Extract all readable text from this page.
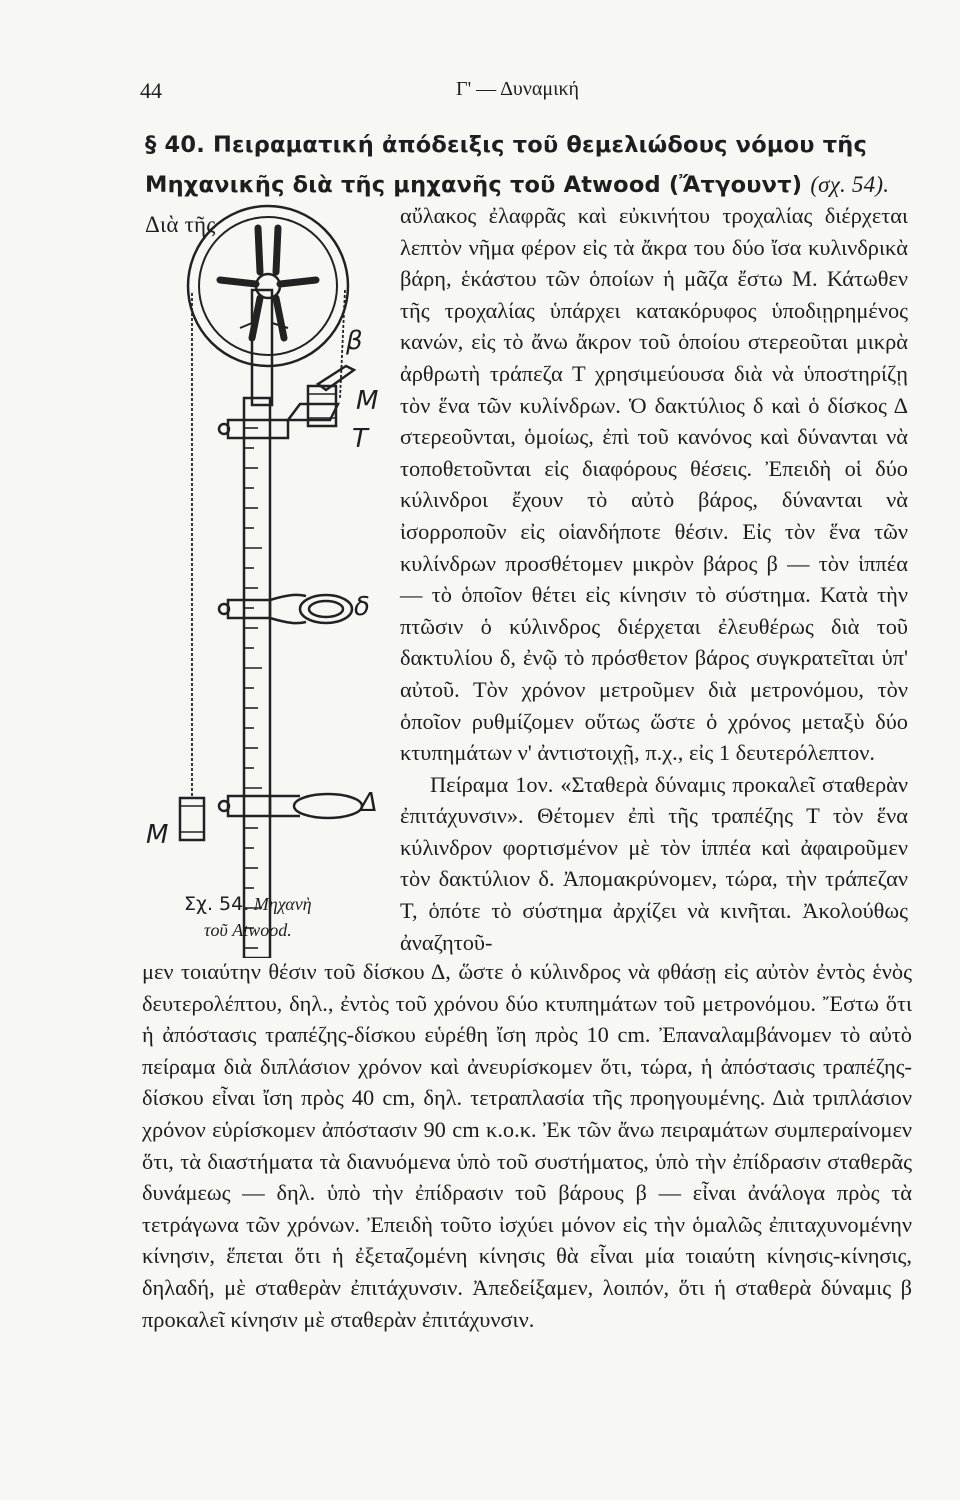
44	Γ' — Δυναμική
§ 40. Πειραματική ἀπόδειξις τοῦ θεμελιώδους νόμου τῆς Μηχανικῆς διὰ τῆς μηχανῆς τοῦ Atwood (Ἄτγουντ) (σχ. 54). Διὰ τῆς
β
Μ
Τ
δ
Δ
Μ
Σχ. 54. Μηχανὴ
τοῦ Atwood.

αὔλακος ἐλαφρᾶς καὶ εὐκινήτου τροχαλίας διέρχεται λεπτὸν νῆμα φέρον εἰς τὰ ἄκρα του δύο ἴσα κυλινδρικὰ βάρη, ἑκάστου τῶν ὁποίων ἡ μᾶζα ἔστω Μ. Κάτωθεν τῆς τροχαλίας ὑπάρχει κατακόρυφος ὑποδιῃρημένος κανών, εἰς τὸ ἄνω ἄκρον τοῦ ὁποίου στερεοῦται μικρὰ ἀρθρωτὴ τράπεζα Τ χρησιμεύουσα διὰ νὰ ὑποστηρίζῃ τὸν ἕνα τῶν κυλίνδρων. Ὁ δακτύλιος δ καὶ ὁ δίσκος Δ στερεοῦνται, ὁμοίως, ἐπὶ τοῦ κανόνος καὶ δύνανται νὰ τοποθετοῦνται εἰς διαφόρους θέσεις. Ἐπειδὴ οἱ δύο κύλινδροι ἔχουν τὸ αὐτὸ βάρος, δύνανται νὰ ἰσορροποῦν εἰς οἱανδήποτε θέσιν. Εἰς τὸν ἕνα τῶν κυλίνδρων προσθέτομεν μικρὸν βάρος β — τὸν ἱππέα — τὸ ὁποῖον θέτει εἰς κίνησιν τὸ σύστημα. Κατὰ τὴν πτῶσιν ὁ κύλινδρος διέρχεται ἐλευθέρως διὰ τοῦ δακτυλίου δ, ἐνῷ τὸ πρόσθετον βάρος συγκρατεῖται ὑπ' αὐτοῦ. Τὸν χρόνον μετροῦμεν διὰ μετρονόμου, τὸν ὁποῖον ρυθμίζομεν οὕτως ὥστε ὁ χρόνος μεταξὺ δύο κτυπημάτων ν' ἀντιστοιχῇ, π.χ., εἰς 1 δευτερόλεπτον.

Πείραμα 1ον. «Σταθερὰ δύναμις προκαλεῖ σταθερὰν ἐπιτάχυνσιν». Θέτομεν ἐπὶ τῆς τραπέζης Τ τὸν ἕνα κύλινδρον φορτισμένον μὲ τὸν ἱππέα καὶ ἀφαιροῦμεν τὸν δακτύλιον δ. Ἀπομακρύνομεν, τώρα, τὴν τράπεζαν Τ, ὁπότε τὸ σύστημα ἀρχίζει νὰ κινῆται. Ἀκολούθως ἀναζητοῦ-

μεν τοιαύτην θέσιν τοῦ δίσκου Δ, ὥστε ὁ κύλινδρος νὰ φθάσῃ εἰς αὐτὸν ἐντὸς ἑνὸς δευτερολέπτου, δηλ., ἐντὸς τοῦ χρόνου δύο κτυπημάτων τοῦ μετρονόμου. Ἔστω ὅτι ἡ ἀπόστασις τραπέζης-δίσκου εὑρέθη ἴση πρὸς 10 cm. Ἐπαναλαμβάνομεν τὸ αὐτὸ πείραμα διὰ διπλάσιον χρόνον καὶ ἀνευρίσκομεν ὅτι, τώρα, ἡ ἀπόστασις τραπέζης-δίσκου εἶναι ἴση πρὸς 40 cm, δηλ. τετραπλασία τῆς προηγουμένης. Διὰ τριπλάσιον χρόνον εὑρίσκομεν ἀπόστασιν 90 cm κ.ο.κ. Ἐκ τῶν ἄνω πειραμάτων συμπεραίνομεν ὅτι, τὰ διαστήματα τὰ διανυόμενα ὑπὸ τοῦ συστήματος, ὑπὸ τὴν ἐπίδρασιν σταθερᾶς δυνάμεως — δηλ. ὑπὸ τὴν ἐπίδρασιν τοῦ βάρους β — εἶναι ἀνάλογα πρὸς τὰ τετράγωνα τῶν χρόνων. Ἐπειδὴ τοῦτο ἰσχύει μόνον εἰς τὴν ὁμαλῶς ἐπιταχυνομένην κίνησιν, ἕπεται ὅτι ἡ ἐξεταζομένη κίνησις θὰ εἶναι μία τοιαύτη κίνησις-κίνησις, δηλαδή, μὲ σταθερὰν ἐπιτάχυνσιν. Ἀπεδείξαμεν, λοιπόν, ὅτι ἡ σταθερὰ δύναμις β προκαλεῖ κίνησιν μὲ σταθερὰν ἐπιτάχυνσιν.
